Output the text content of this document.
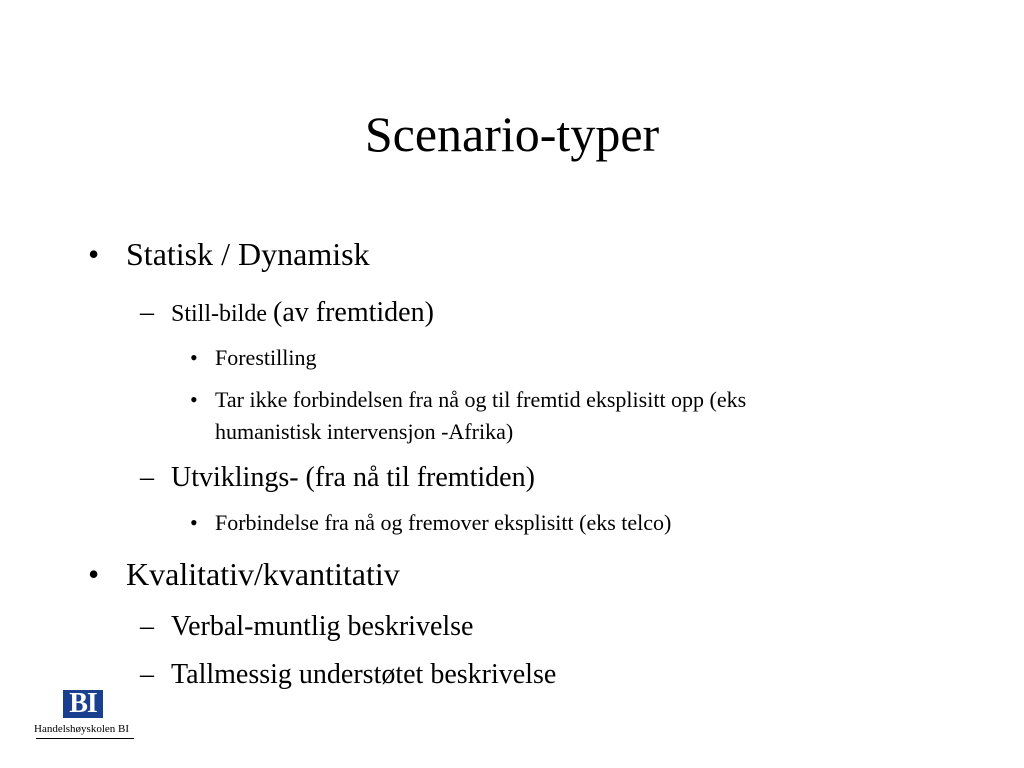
Scenario-typer
• Statisk / Dynamisk
– Still-bilde (av fremtiden)
• Forestilling
• Tar ikke forbindelsen fra nå og til fremtid eksplisitt opp (eks
humanistisk intervensjon -Afrika)
– Utviklings- (fra nå til fremtiden)
• Forbindelse fra nå og fremover eksplisitt (eks telco)
• Kvalitativ/kvantitativ
– Verbal-muntlig beskrivelse
– Tallmessig understøtet beskrivelse
BI
Handelshøyskolen BI
